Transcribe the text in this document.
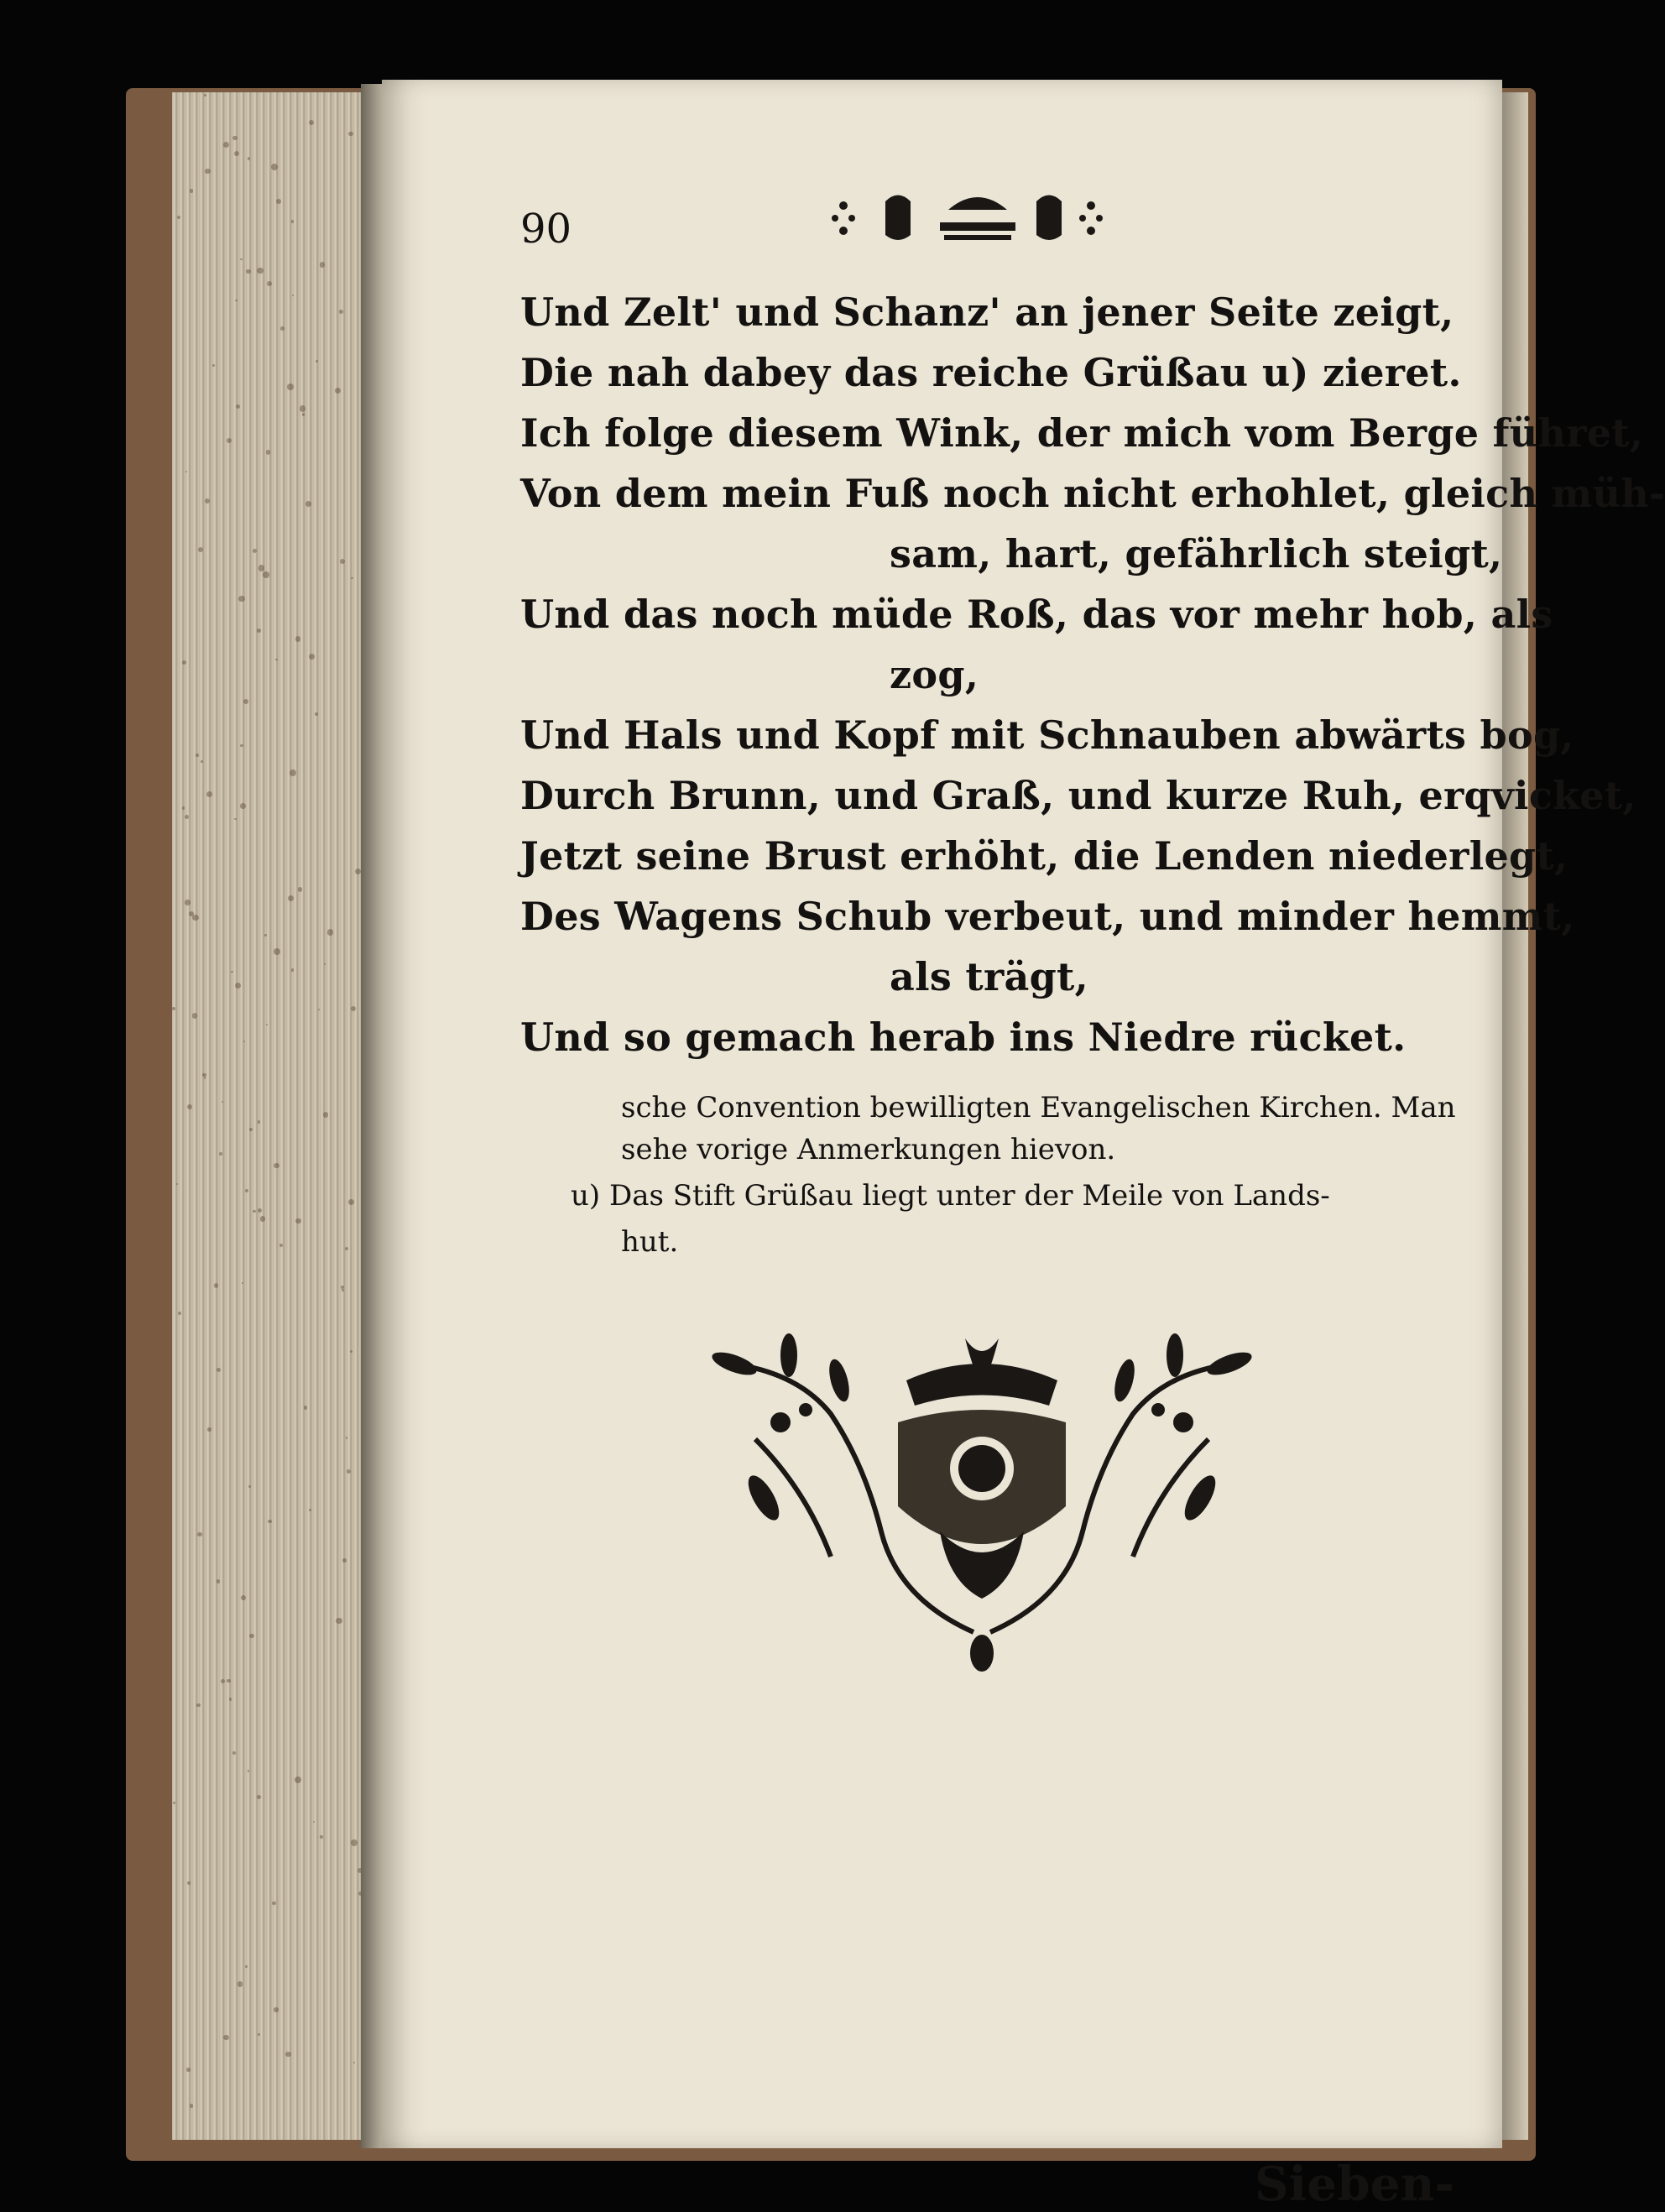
90
Und Zelt' und Schanz' an jener Seite zeigt,
Die nah dabey das reiche Grüßau u) zieret.
Ich folge diesem Wink, der mich vom Berge führet,
Von dem mein Fuß noch nicht erhohlet, gleich müh-
sam, hart, gefährlich steigt,
Und das noch müde Roß, das vor mehr hob, als
zog,
Und Hals und Kopf mit Schnauben abwärts bog,
Durch Brunn, und Graß, und kurze Ruh, erqvicket,
Jetzt seine Brust erhöht, die Lenden niederlegt,
Des Wagens Schub verbeut, und minder hemmt,
als trägt,
Und so gemach herab ins Niedre rücket.
sche Convention bewilligten Evangelischen Kirchen. Man
sehe vorige Anmerkungen hievon.
u) Das Stift Grüßau liegt unter der Meile von Lands-
hut.
Sieben-
